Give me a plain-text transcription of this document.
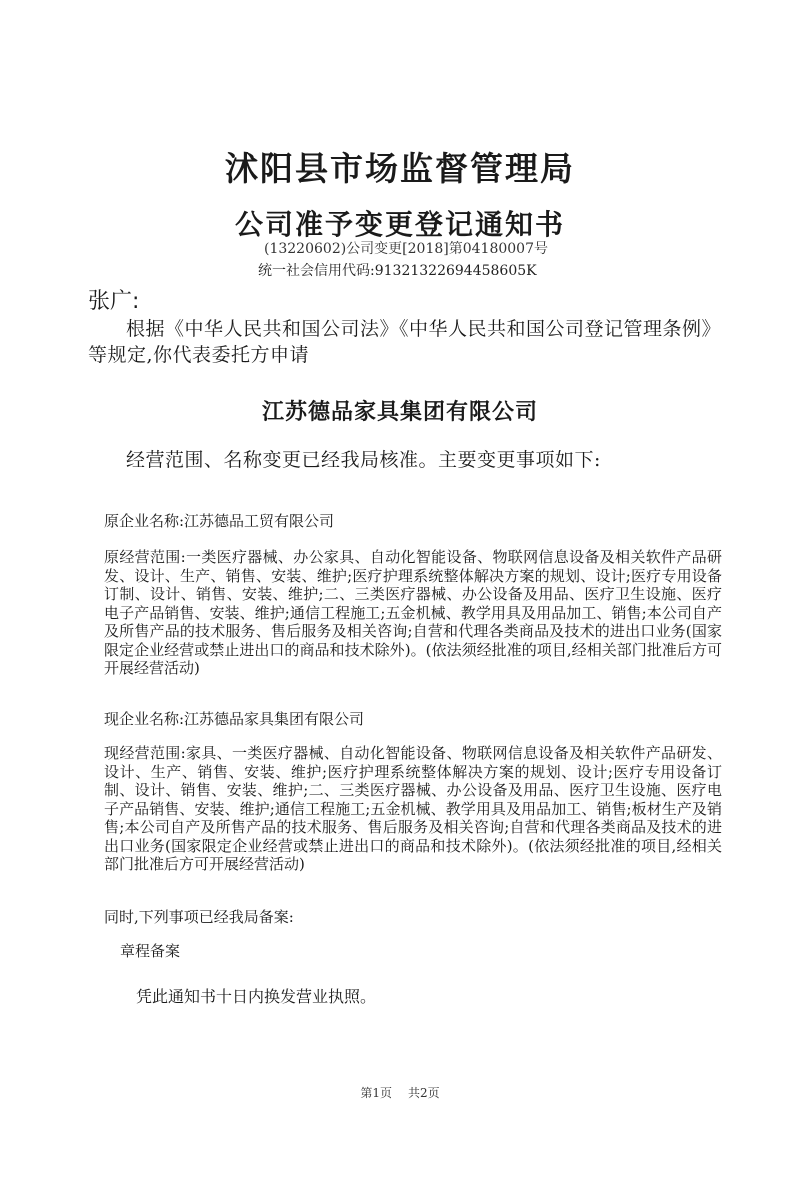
沭阳县市场监督管理局
公司准予变更登记通知书
(13220602)公司变更[2018]第04180007号
统一社会信用代码:91321322694458605K
张广:
根据《中华人民共和国公司法》《中华人民共和国公司登记管理条例》等规定,你代表委托方申请
江苏德品家具集团有限公司
经营范围、名称变更已经我局核准。主要变更事项如下:
原企业名称:江苏德品工贸有限公司
原经营范围:一类医疗器械、办公家具、自动化智能设备、物联网信息设备及相关软件产品研发、设计、生产、销售、安装、维护;医疗护理系统整体解决方案的规划、设计;医疗专用设备订制、设计、销售、安装、维护;二、三类医疗器械、办公设备及用品、医疗卫生设施、医疗电子产品销售、安装、维护;通信工程施工;五金机械、教学用具及用品加工、销售;本公司自产及所售产品的技术服务、售后服务及相关咨询;自营和代理各类商品及技术的进出口业务(国家限定企业经营或禁止进出口的商品和技术除外)。(依法须经批准的项目,经相关部门批准后方可开展经营活动)
现企业名称:江苏德品家具集团有限公司
现经营范围:家具、一类医疗器械、自动化智能设备、物联网信息设备及相关软件产品研发、设计、生产、销售、安装、维护;医疗护理系统整体解决方案的规划、设计;医疗专用设备订制、设计、销售、安装、维护;二、三类医疗器械、办公设备及用品、医疗卫生设施、医疗电子产品销售、安装、维护;通信工程施工;五金机械、教学用具及用品加工、销售;板材生产及销售;本公司自产及所售产品的技术服务、售后服务及相关咨询;自营和代理各类商品及技术的进出口业务(国家限定企业经营或禁止进出口的商品和技术除外)。(依法须经批准的项目,经相关部门批准后方可开展经营活动)
同时,下列事项已经我局备案:
章程备案
凭此通知书十日内换发营业执照。
第1页 共2页
